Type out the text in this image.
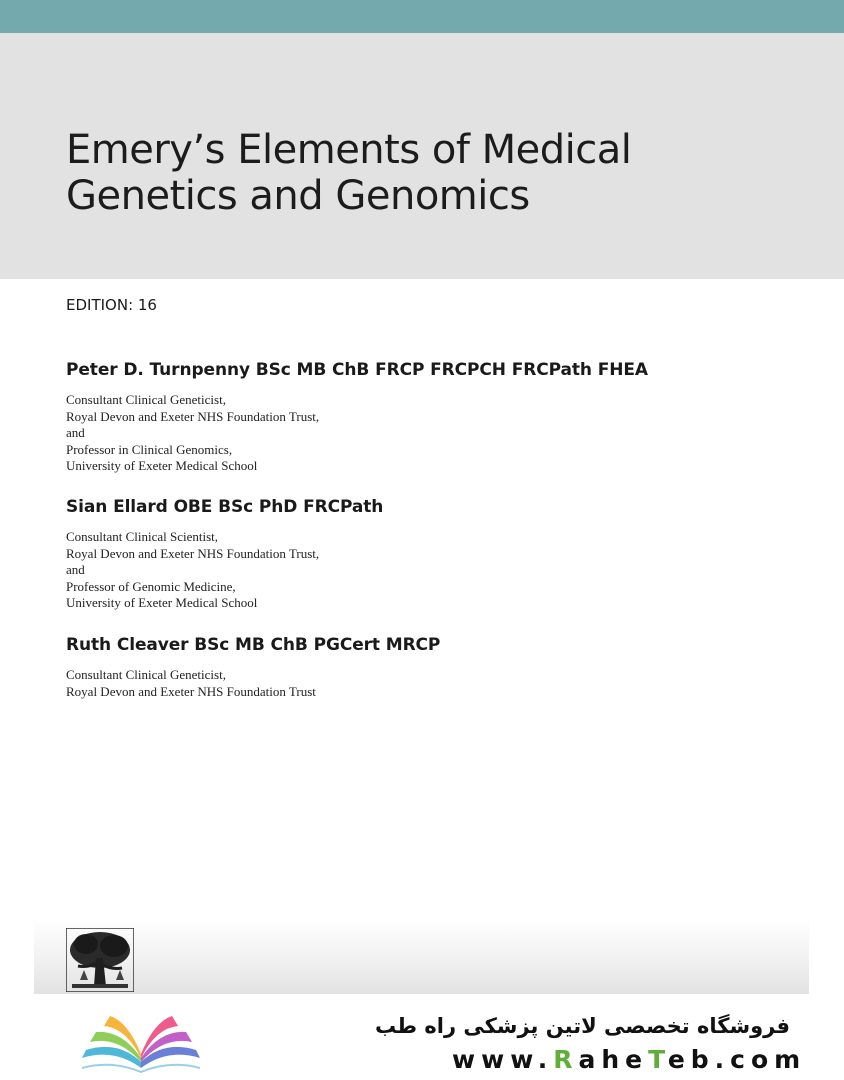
Emery’s Elements of Medical
Genetics and Genomics
EDITION: 16
Peter D. Turnpenny BSc MB ChB FRCP FRCPCH FRCPath FHEA
Consultant Clinical Geneticist,
Royal Devon and Exeter NHS Foundation Trust,
and
Professor in Clinical Genomics,
University of Exeter Medical School
Sian Ellard OBE BSc PhD FRCPath
Consultant Clinical Scientist,
Royal Devon and Exeter NHS Foundation Trust,
and
Professor of Genomic Medicine,
University of Exeter Medical School
Ruth Cleaver BSc MB ChB PGCert MRCP
Consultant Clinical Geneticist,
Royal Devon and Exeter NHS Foundation Trust
فروشگاه تخصصی لاتین پزشکی راه طب
www.RaheTeb.com
